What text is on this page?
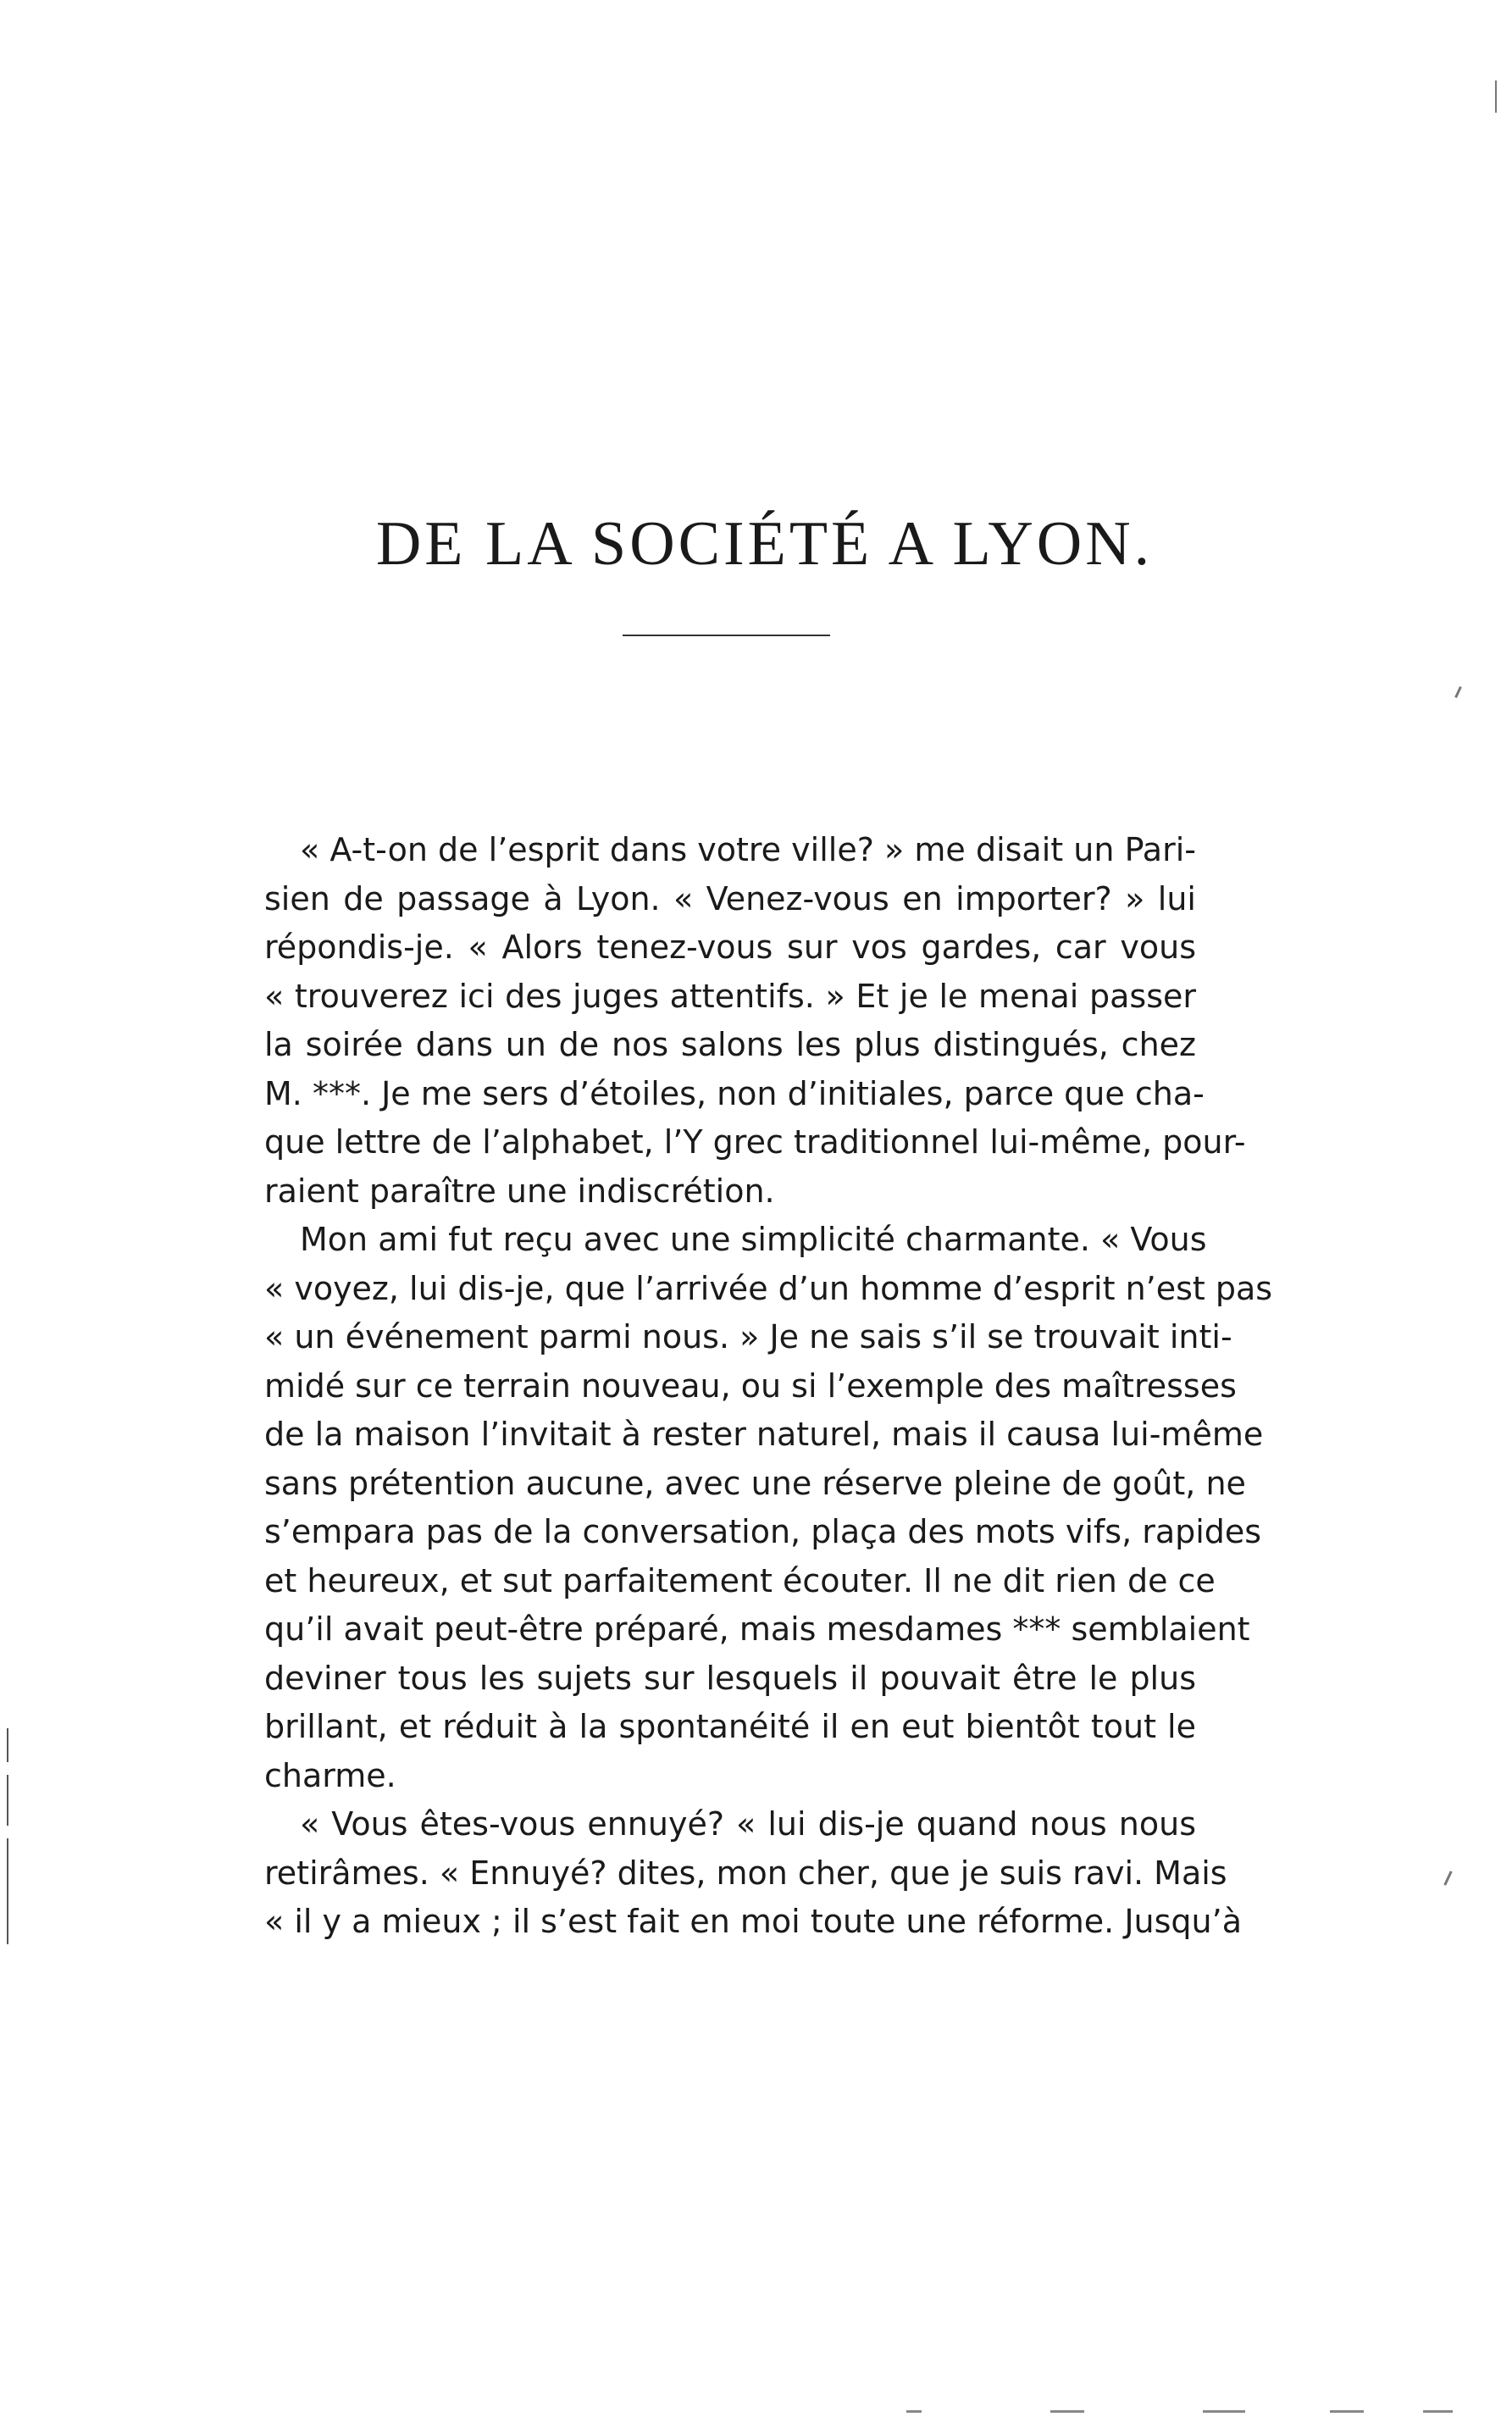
DE LA SOCIÉTÉ A LYON.
« A-t-on de l’esprit dans votre ville? » me disait un Pari-
sien de passage à Lyon. « Venez-vous en importer? » lui
répondis-je. « Alors tenez-vous sur vos gardes, car vous
« trouverez ici des juges attentifs. » Et je le menai passer
la soirée dans un de nos salons les plus distingués, chez
M. ***. Je me sers d’étoiles, non d’initiales, parce que cha-
que lettre de l’alphabet, l’Y grec traditionnel lui-même, pour-
raient paraître une indiscrétion.
Mon ami fut reçu avec une simplicité charmante. « Vous
« voyez, lui dis-je, que l’arrivée d’un homme d’esprit n’est pas
« un événement parmi nous. » Je ne sais s’il se trouvait inti-
midé sur ce terrain nouveau, ou si l’exemple des maîtresses
de la maison l’invitait à rester naturel, mais il causa lui-même
sans prétention aucune, avec une réserve pleine de goût, ne
s’empara pas de la conversation, plaça des mots vifs, rapides
et heureux, et sut parfaitement écouter. Il ne dit rien de ce
qu’il avait peut-être préparé, mais mesdames *** semblaient
deviner tous les sujets sur lesquels il pouvait être le plus
brillant, et réduit à la spontanéité il en eut bientôt tout le
charme.
« Vous êtes-vous ennuyé? « lui dis-je quand nous nous
retirâmes. « Ennuyé? dites, mon cher, que je suis ravi. Mais
« il y a mieux ; il s’est fait en moi toute une réforme. Jusqu’à
